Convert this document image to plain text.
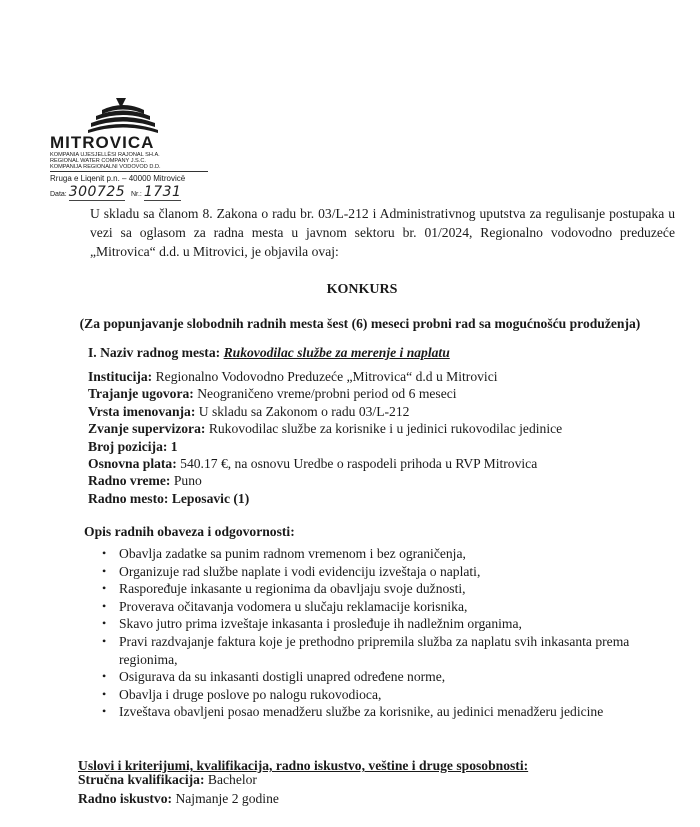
MITROVICA
KOMPANIA UJESJELLËSI RAJONAL SH.A.
REGIONAL WATER COMPANY J.S.C.
KOMPANIJA REGIONALNI VODOVOD D.D.
Rruga e Liqenit p.n. – 40000 Mitrovicë
Data: 300725 Nr.: 1731
U skladu sa članom 8. Zakona o radu br. 03/L-212 i Administrativnog uputstva za regulisanje postupaka u vezi sa oglasom za radna mesta u javnom sektoru br. 01/2024, Regionalno vodovodno preduzeće „Mitrovica“ d.d. u Mitrovici, je objavila ovaj:
KONKURS
(Za popunjavanje slobodnih radnih mesta šest (6) meseci probni rad sa mogućnošću produženja)
I. Naziv radnog mesta: Rukovodilac službe za merenje i naplatu
Institucija: Regionalno Vodovodno Preduzeće „Mitrovica“ d.d u Mitrovici
Trajanje ugovora: Neograničeno vreme/probni period od 6 meseci
Vrsta imenovanja: U skladu sa Zakonom o radu 03/L-212
Zvanje supervizora: Rukovodilac službe za korisnike i u jedinici rukovodilac jedinice
Broj pozicija: 1
Osnovna plata: 540.17 €, na osnovu Uredbe o raspodeli prihoda u RVP Mitrovica
Radno vreme: Puno
Radno mesto: Leposavic (1)
Opis radnih obaveza i odgovornosti:
• Obavlja zadatke sa punim radnom vremenom i bez ograničenja,
• Organizuje rad službe naplate i vodi evidenciju izveštaja o naplati,
• Raspoređuje inkasante u regionima da obavljaju svoje dužnosti,
• Proverava očitavanja vodomera u slučaju reklamacije korisnika,
• Skavo jutro prima izveštaje inkasanta i prosleđuje ih nadležnim organima,
• Pravi razdvajanje faktura koje je prethodno pripremila služba za naplatu svih inkasanta prema regionima,
• Osigurava da su inkasanti dostigli unapred određene norme,
• Obavlja i druge poslove po nalogu rukovodioca,
• Izveštava obavljeni posao menadžeru službe za korisnike, au jedinici menadžeru jedicine
Uslovi i kriterijumi, kvalifikacija, radno iskustvo, veštine i druge sposobnosti:
Stručna kvalifikacija: Bachelor
Radno iskustvo: Najmanje 2 godine
